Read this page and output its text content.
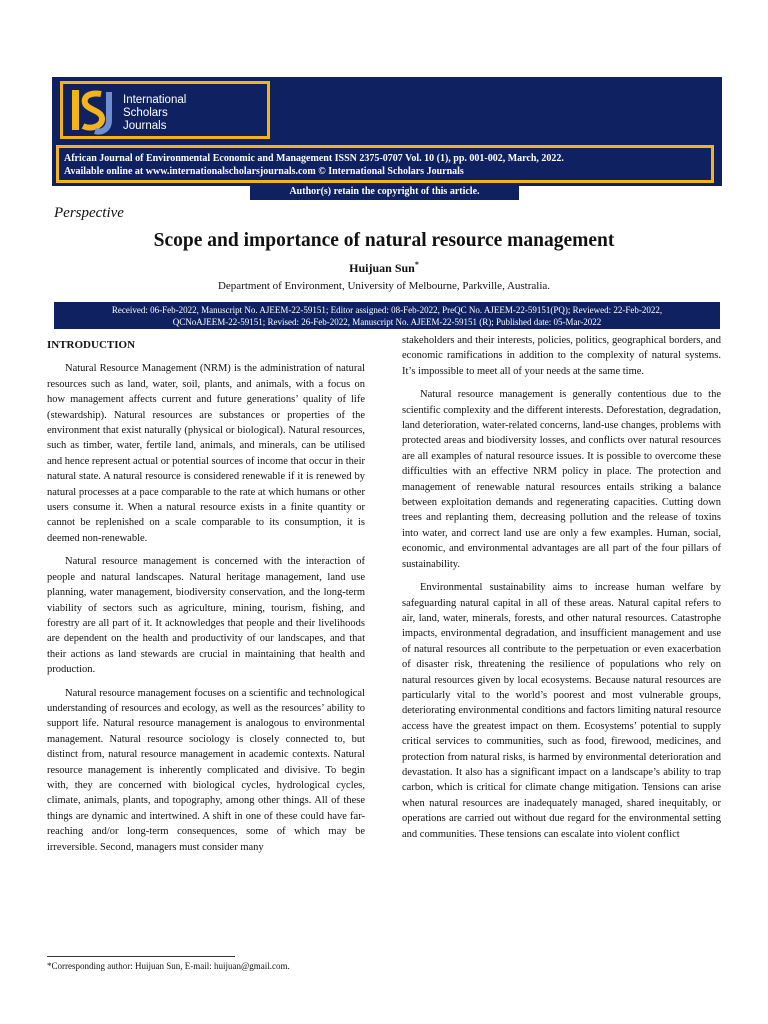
International
Scholars
Journals
African Journal of Environmental Economic and Management ISSN 2375-0707 Vol. 10 (1), pp. 001-002, March, 2022.
Available online at www.internationalscholarsjournals.com © International Scholars Journals
Author(s) retain the copyright of this article.
Perspective
Scope and importance of natural resource management
Huijuan Sun*
Department of Environment, University of Melbourne, Parkville, Australia.
Received: 06-Feb-2022, Manuscript No. AJEEM-22-59151; Editor assigned: 08-Feb-2022, PreQC No. AJEEM-22-59151(PQ); Reviewed: 22-Feb-2022,
QCNoAJEEM-22-59151; Revised: 26-Feb-2022, Manuscript No. AJEEM-22-59151 (R); Published date: 05-Mar-2022

INTRODUCTION

Natural Resource Management (NRM) is the administration of natural resources such as land, water, soil, plants, and animals, with a focus on how management affects current and future generations’ quality of life (stewardship). Natural resources are substances or properties of the environment that exist naturally (physical or biological). Natural resources, such as timber, water, fertile land, animals, and minerals, can be utilised and hence represent actual or potential sources of income that occur in their natural state. A natural resource is considered renewable if it is renewed by natural processes at a pace comparable to the rate at which humans or other users consume it. When a natural resource exists in a finite quantity or cannot be replenished on a scale comparable to its consumption, it is deemed non-renewable.

Natural resource management is concerned with the interaction of people and natural landscapes. Natural heritage management, land use planning, water management, biodiversity conservation, and the long-term viability of sectors such as agriculture, mining, tourism, fishing, and forestry are all part of it. It acknowledges that people and their livelihoods are dependent on the health and productivity of our landscapes, and that their actions as land stewards are crucial in maintaining that health and production.

Natural resource management focuses on a scientific and technological understanding of resources and ecology, as well as the resources’ ability to support life. Natural resource management is analogous to environmental management. Natural resource sociology is closely connected to, but distinct from, natural resource management in academic contexts. Natural resource management is inherently complicated and divisive. To begin with, they are concerned with biological cycles, hydrological cycles, climate, animals, plants, and topography, among other things. All of these things are dynamic and intertwined. A shift in one of these could have far-reaching and/or long-term consequences, some of which may be irreversible. Second, managers must consider many

stakeholders and their interests, policies, politics, geographical borders, and economic ramifications in addition to the complexity of natural systems. It’s impossible to meet all of your needs at the same time.

Natural resource management is generally contentious due to the scientific complexity and the different interests. Deforestation, degradation, land deterioration, water-related concerns, land-use changes, problems with protected areas and biodiversity losses, and conflicts over natural resources are all examples of natural resource issues. It is possible to overcome these difficulties with an effective NRM policy in place. The protection and management of renewable natural resources entails striking a balance between exploitation demands and regenerating capacities. Cutting down trees and replanting them, decreasing pollution and the release of toxins into water, and correct land use are only a few examples. Human, social, economic, and environmental advantages are all part of the four pillars of sustainability.

Environmental sustainability aims to increase human welfare by safeguarding natural capital in all of these areas. Natural capital refers to air, land, water, minerals, forests, and other natural resources. Catastrophe impacts, environmental degradation, and insufficient management and use of natural resources all contribute to the perpetuation or even exacerbation of disaster risk, threatening the resilience of populations who rely on natural resources given by local ecosystems. Because natural resources are particularly vital to the world’s poorest and most vulnerable groups, deteriorating environmental conditions and factors limiting natural resource access have the greatest impact on them. Ecosystems’ potential to supply critical services to communities, such as food, firewood, medicines, and protection from natural risks, is harmed by environmental deterioration and devastation. It also has a significant impact on a landscape’s ability to trap carbon, which is critical for climate change mitigation. Tensions can arise when natural resources are inadequately managed, shared inequitably, or operations are carried out without due regard for the environmental setting and communities. These tensions can escalate into violent conflict

*Corresponding author: Huijuan Sun, E-mail: huijuan@gmail.com.
